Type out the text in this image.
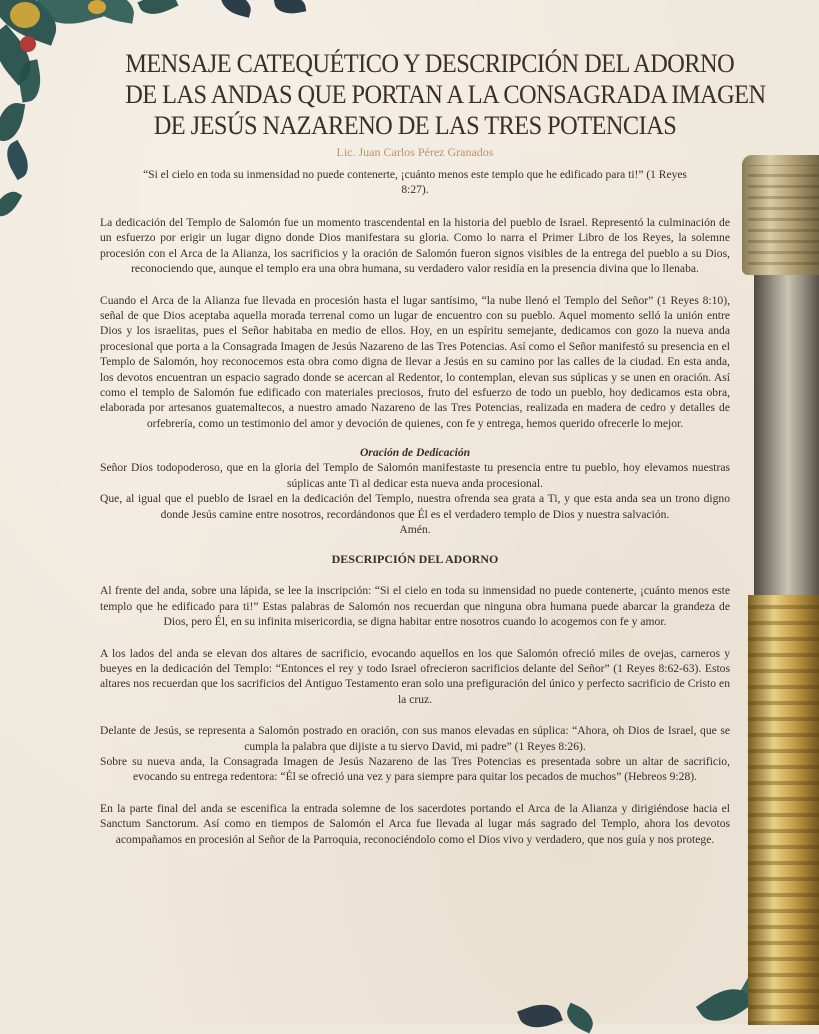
MENSAJE CATEQUÉTICO Y DESCRIPCIÓN DEL ADORNO
DE LAS ANDAS QUE PORTAN A LA CONSAGRADA IMAGEN
DE JESÚS NAZARENO DE LAS TRES POTENCIAS
Lic. Juan Carlos Pérez Granados

“Si el cielo en toda su inmensidad no puede contenerte, ¡cuánto menos este templo que he edificado para ti!” (1 Reyes 8:27).

La dedicación del Templo de Salomón fue un momento trascendental en la historia del pueblo de Israel. Representó la culminación de un esfuerzo por erigir un lugar digno donde Dios manifestara su gloria. Como lo narra el Primer Libro de los Reyes, la solemne procesión con el Arca de la Alianza, los sacrificios y la oración de Salomón fueron signos visibles de la entrega del pueblo a su Dios, reconociendo que, aunque el templo era una obra humana, su verdadero valor residía en la presencia divina que lo llenaba.

Cuando el Arca de la Alianza fue llevada en procesión hasta el lugar santísimo, “la nube llenó el Templo del Señor” (1 Reyes 8:10), señal de que Dios aceptaba aquella morada terrenal como un lugar de encuentro con su pueblo. Aquel momento selló la unión entre Dios y los israelitas, pues el Señor habitaba en medio de ellos. Hoy, en un espíritu semejante, dedicamos con gozo la nueva anda procesional que porta a la Consagrada Imagen de Jesús Nazareno de las Tres Potencias. Así como el Señor manifestó su presencia en el Templo de Salomón, hoy reconocemos esta obra como digna de llevar a Jesús en su camino por las calles de la ciudad. En esta anda, los devotos encuentran un espacio sagrado donde se acercan al Redentor, lo contemplan, elevan sus súplicas y se unen en oración. Así como el templo de Salomón fue edificado con materiales preciosos, fruto del esfuerzo de todo un pueblo, hoy dedicamos esta obra, elaborada por artesanos guatemaltecos, a nuestro amado Nazareno de las Tres Potencias, realizada en madera de cedro y detalles de orfebrería, como un testimonio del amor y devoción de quienes, con fe y entrega, hemos querido ofrecerle lo mejor.

Oración de Dedicación

Señor Dios todopoderoso, que en la gloria del Templo de Salomón manifestaste tu presencia entre tu pueblo, hoy elevamos nuestras súplicas ante Ti al dedicar esta nueva anda procesional.

Que, al igual que el pueblo de Israel en la dedicación del Templo, nuestra ofrenda sea grata a Ti, y que esta anda sea un trono digno donde Jesús camine entre nosotros, recordándonos que Él es el verdadero templo de Dios y nuestra salvación.

Amén.

DESCRIPCIÓN DEL ADORNO

Al frente del anda, sobre una lápida, se lee la inscripción: “Si el cielo en toda su inmensidad no puede contenerte, ¡cuánto menos este templo que he edificado para ti!” Estas palabras de Salomón nos recuerdan que ninguna obra humana puede abarcar la grandeza de Dios, pero Él, en su infinita misericordia, se digna habitar entre nosotros cuando lo acogemos con fe y amor.

A los lados del anda se elevan dos altares de sacrificio, evocando aquellos en los que Salomón ofreció miles de ovejas, carneros y bueyes en la dedicación del Templo: “Entonces el rey y todo Israel ofrecieron sacrificios delante del Señor” (1 Reyes 8:62-63). Estos altares nos recuerdan que los sacrificios del Antiguo Testamento eran solo una prefiguración del único y perfecto sacrificio de Cristo en la cruz.

Delante de Jesús, se representa a Salomón postrado en oración, con sus manos elevadas en súplica: “Ahora, oh Dios de Israel, que se cumpla la palabra que dijiste a tu siervo David, mi padre” (1 Reyes 8:26).

Sobre su nueva anda, la Consagrada Imagen de Jesús Nazareno de las Tres Potencias es presentada sobre un altar de sacrificio, evocando su entrega redentora: “Él se ofreció una vez y para siempre para quitar los pecados de muchos” (Hebreos 9:28).

En la parte final del anda se escenifica la entrada solemne de los sacerdotes portando el Arca de la Alianza y dirigiéndose hacia el Sanctum Sanctorum. Así como en tiempos de Salomón el Arca fue llevada al lugar más sagrado del Templo, ahora los devotos acompañamos en procesión al Señor de la Parroquia, reconociéndolo como el Dios vivo y verdadero, que nos guía y nos protege.
